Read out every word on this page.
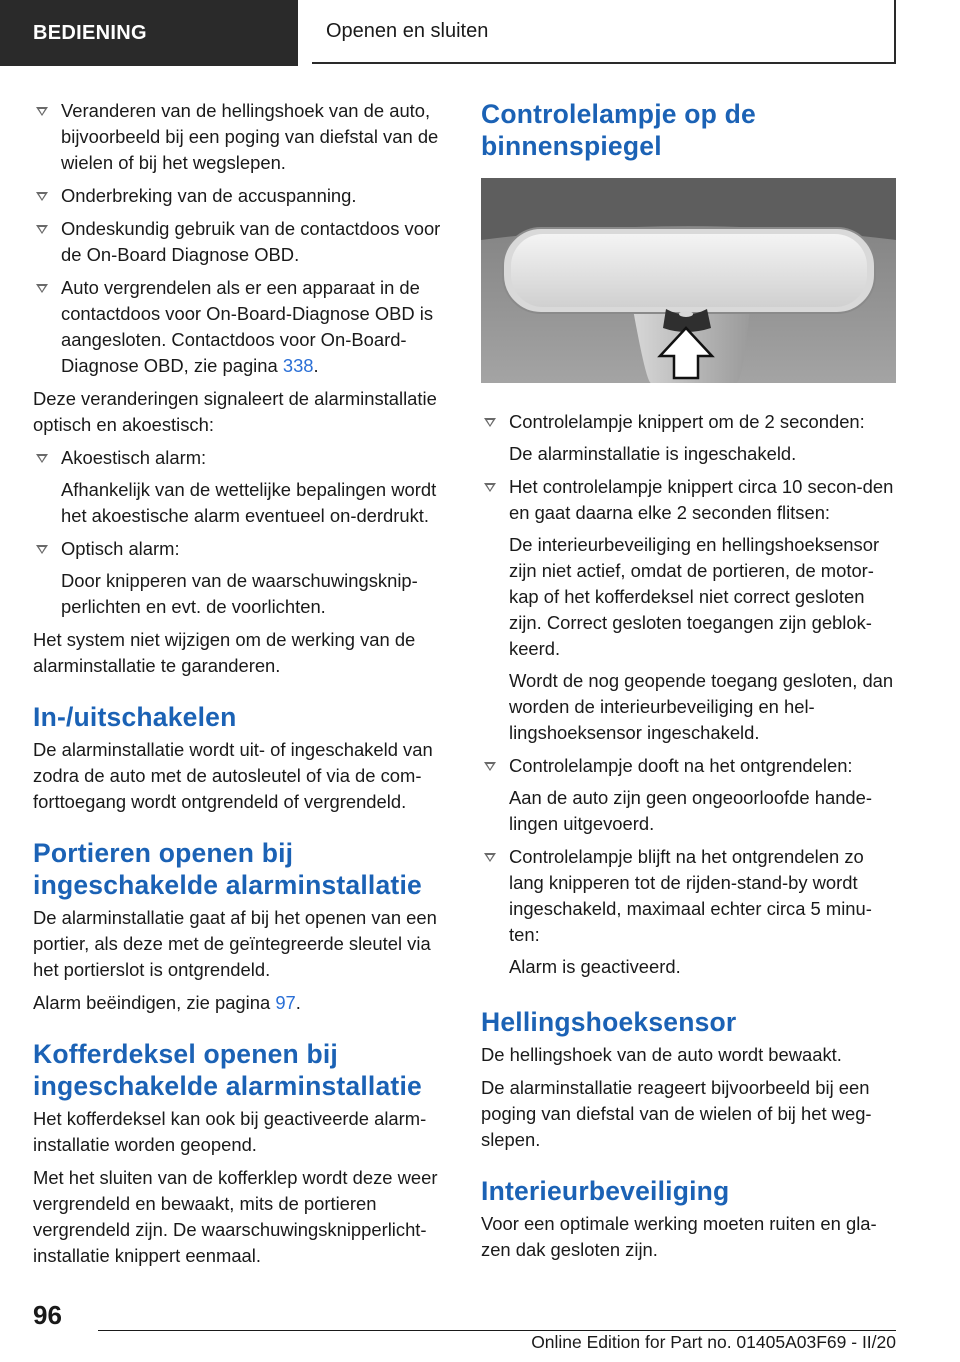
BEDIENING	Openen en sluiten
Veranderen van de hellingshoek van de auto, bijvoorbeeld bij een poging van diefstal van de wielen of bij het wegslepen.
Onderbreking van de accuspanning.
Ondeskundig gebruik van de contactdoos voor de On-Board Diagnose OBD.
Auto vergrendelen als er een apparaat in de contactdoos voor On-Board-Diagnose OBD is aangesloten. Contactdoos voor On-Board-Diagnose OBD, zie pagina 338.

Deze veranderingen signaleert de alarminstallatie optisch en akoestisch:

Akoestisch alarm:

Afhankelijk van de wettelijke bepalingen wordt het akoestische alarm eventueel on-derdrukt.

Optisch alarm:

Door knipperen van de waarschuwingsknip-perlichten en evt. de voorlichten.

Het system niet wijzigen om de werking van de alarminstallatie te garanderen.

In-/uitschakelen

De alarminstallatie wordt uit- of ingeschakeld van zodra de auto met de autosleutel of via de com-forttoegang wordt ontgrendeld of vergrendeld.

Portieren openen bij ingeschakelde alarminstallatie

De alarminstallatie gaat af bij het openen van een portier, als deze met de geïntegreerde sleutel via het portierslot is ontgrendeld.

Alarm beëindigen, zie pagina 97.

Kofferdeksel openen bij ingeschakelde alarminstallatie

Het kofferdeksel kan ook bij geactiveerde alarm-installatie worden geopend.

Met het sluiten van de kofferklep wordt deze weer vergrendeld en bewaakt, mits de portieren vergrendeld zijn. De waarschuwingsknipperlicht-installatie knippert eenmaal.

Controlelampje op de binnenspiegel
Controlelampje knippert om de 2 seconden:

De alarminstallatie is ingeschakeld.

Het controlelampje knippert circa 10 secon-den en gaat daarna elke 2 seconden flitsen:

De interieurbeveiliging en hellingshoeksensor zijn niet actief, omdat de portieren, de motor-kap of het kofferdeksel niet correct gesloten zijn. Correct gesloten toegangen zijn geblok-keerd.

Wordt de nog geopende toegang gesloten, dan worden de interieurbeveiliging en hel-lingshoeksensor ingeschakeld.

Controlelampje dooft na het ontgrendelen:

Aan de auto zijn geen ongeoorloofde hande-lingen uitgevoerd.

Controlelampje blijft na het ontgrendelen zo lang knipperen tot de rijden-stand-by wordt ingeschakeld, maximaal echter circa 5 minu-ten:

Alarm is geactiveerd.

Hellingshoeksensor

De hellingshoek van de auto wordt bewaakt.

De alarminstallatie reageert bijvoorbeeld bij een poging van diefstal van de wielen of bij het weg-slepen.

Interieurbeveiliging

Voor een optimale werking moeten ruiten en gla-zen dak gesloten zijn.

96
Online Edition for Part no. 01405A03F69 - II/20
